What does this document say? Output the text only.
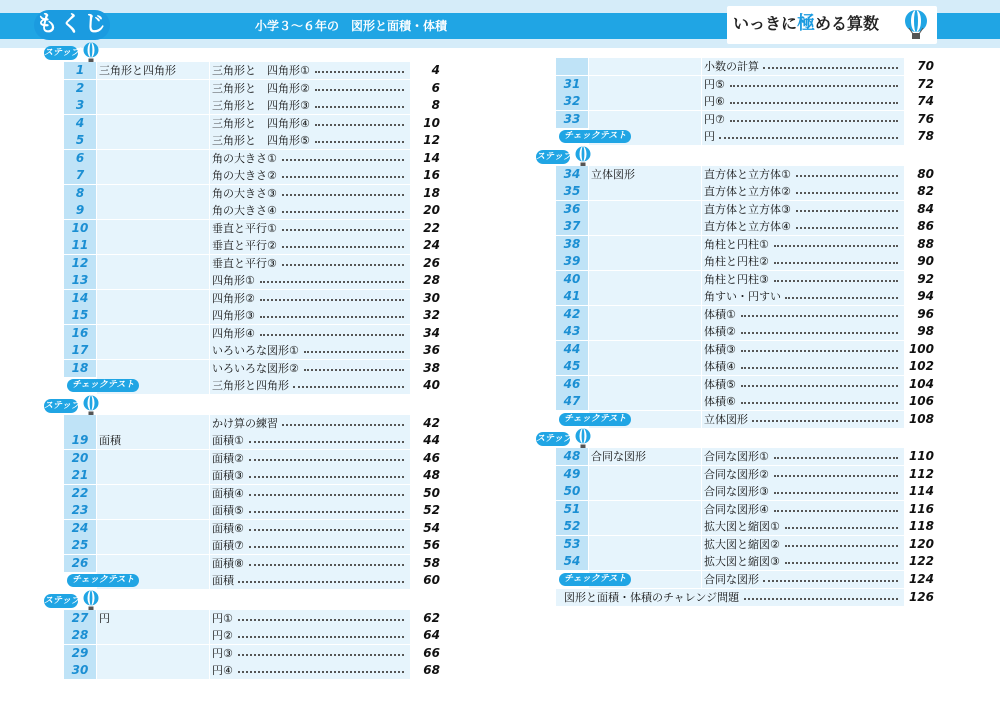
もくじ	小学３〜６年の　図形と面積・体積	いっきに極める算数
ステップ
1	三角形と四角形	三角形と　四角形①	4
2	三角形と　四角形②	6
3	三角形と　四角形③	8
4	三角形と　四角形④	10
5	三角形と　四角形⑤	12
6	角の大きさ①	14
7	角の大きさ②	16
8	角の大きさ③	18
9	角の大きさ④	20
10	垂直と平行①	22
11	垂直と平行②	24
12	垂直と平行③	26
13	四角形①	28
14	四角形②	30
15	四角形③	32
16	四角形④	34
17	いろいろな図形①	36
18	いろいろな図形②	38
チェックテスト	三角形と四角形	40
ステップ
かけ算の練習	42
19 面積	面積①	44
20	面積②	46
21	面積③	48
22	面積④	50
23	面積⑤	52
24	面積⑥	54
25	面積⑦	56
26	面積⑧	58
チェックテスト	面積	60
ステップ
27 円	円①	62
28	円②	64
29	円③	66
30	円④	68
小数の計算	70
31	円⑤	72
32	円⑥	74
33	円⑦	76
チェックテスト	円	78
ステップ
34 立体図形	直方体と立方体①	80
35	直方体と立方体②	82
36	直方体と立方体③	84
37	直方体と立方体④	86
38	角柱と円柱①	88
39	角柱と円柱②	90
40	角柱と円柱③	92
41	角すい・円すい	94
42	体積①	96
43	体積②	98
44	体積③	100
45	体積④	102
46	体積⑤	104
47	体積⑥	106
チェックテスト	立体図形	108
ステップ
48 合同な図形	合同な図形①	110
49	合同な図形②	112
50	合同な図形③	114
51	合同な図形④	116
52	拡大図と縮図①	118
53	拡大図と縮図②	120
54	拡大図と縮図③	122
チェックテスト	合同な図形	124
図形と面積・体積のチャレンジ問題	126
